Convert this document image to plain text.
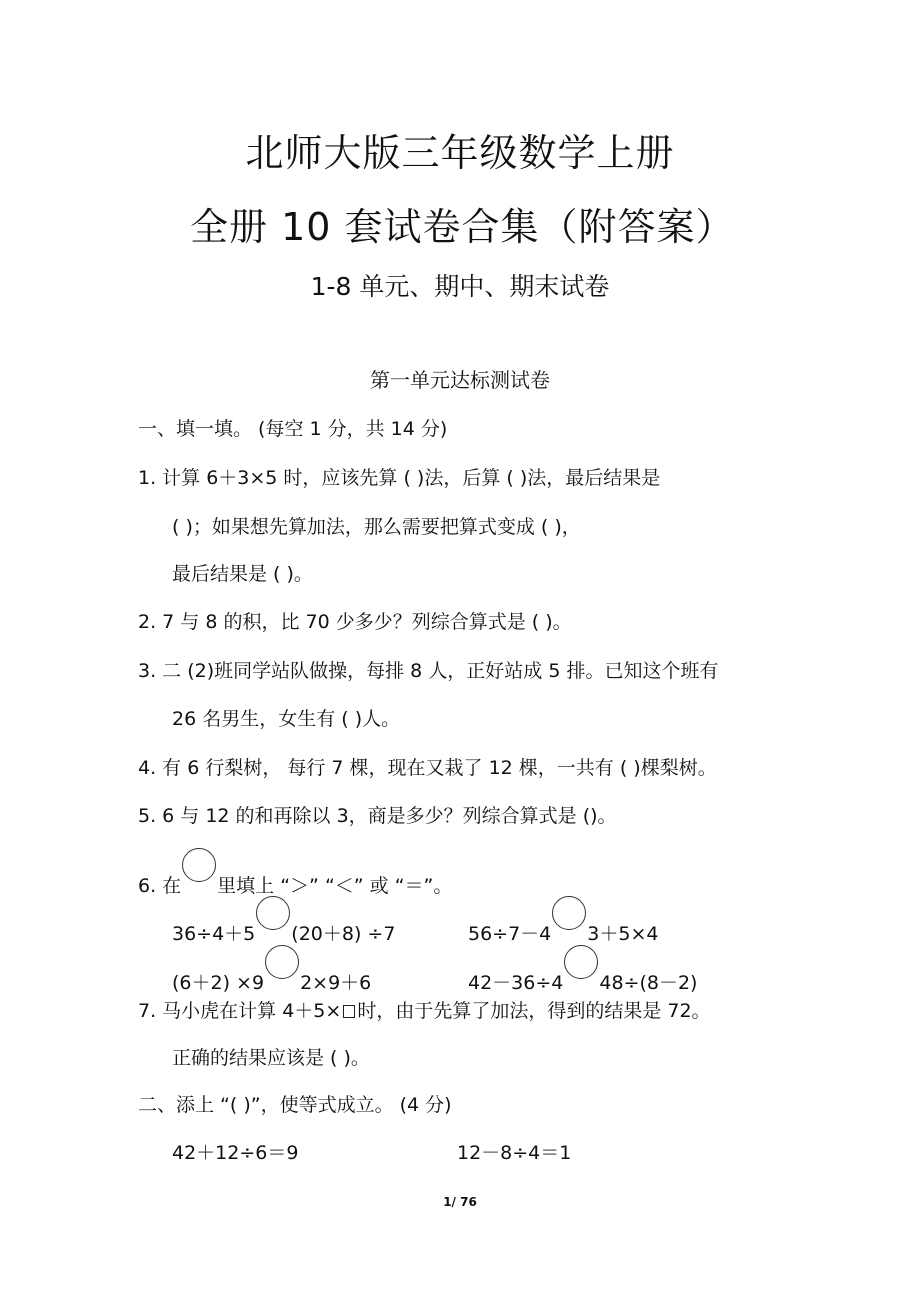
北师大版三年级数学上册
全册 10 套试卷合集（附答案）
1-8 单元、期中、期末试卷
第一单元达标测试卷
一、填一填。 (每空 1 分，共 14 分)
1. 计算 6＋3×5 时，应该先算 ( )法，后算 ( )法，最后结果是
( )；如果想先算加法，那么需要把算式变成 ( )，
最后结果是 ( )。
2. 7 与 8 的积，比 70 少多少？列综合算式是 ( )。
3. 二 (2)班同学站队做操，每排 8 人，正好站成 5 排。已知这个班有
26 名男生，女生有 ( )人。
4. 有 6 行梨树， 每行 7 棵，现在又栽了 12 棵，一共有 ( )棵梨树。
5. 6 与 12 的和再除以 3，商是多少？列综合算式是 ()。
6. 在 里填上 “＞” “＜” 或 “＝”。
36÷4＋5 (20＋8) ÷7	56÷7－4 3＋5×4
(6＋2) ×9 2×9＋6	42－36÷4 48÷(8－2)
7. 马小虎在计算 4＋5× 时，由于先算了加法，得到的结果是 72。
正确的结果应该是 ( )。
二、添上 “( )”，使等式成立。 (4 分)
42＋12÷6＝9	12－8÷4＝1
1/ 76
